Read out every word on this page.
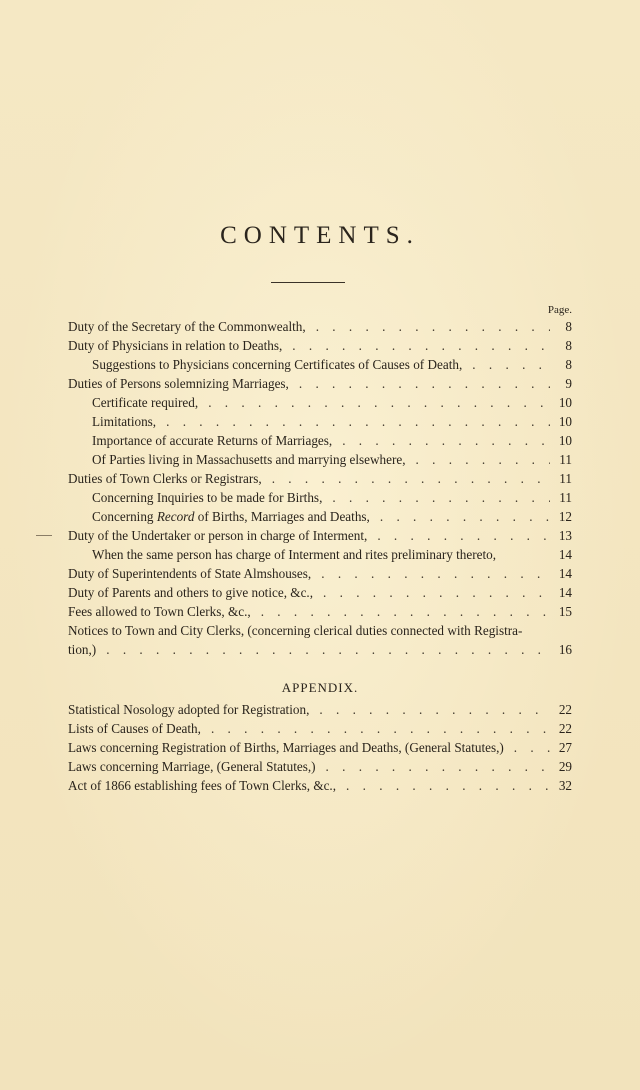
CONTENTS.
Page.
Duty of the Secretary of the Commonwealth, . . .	8
Duty of Physicians in relation to Deaths, . . .	8
Suggestions to Physicians concerning Certificates of Causes of Death, . . .	8
Duties of Persons solemnizing Marriages, . . .	9
Certificate required, . . .	10
Limitations, . . .	10
Importance of accurate Returns of Marriages, . . .	10
Of Parties living in Massachusetts and marrying elsewhere, . . .	11
Duties of Town Clerks or Registrars, . . .	11
Concerning Inquiries to be made for Births, . . .	11
Concerning Record of Births, Marriages and Deaths, . . .	12
Duty of the Undertaker or person in charge of Interment, . . .	13
When the same person has charge of Interment and rites preliminary thereto,	14
Duty of Superintendents of State Almshouses, . . .	14
Duty of Parents and others to give notice, &c., . . .	14
Fees allowed to Town Clerks, &c., . . .	15
Notices to Town and City Clerks, (concerning clerical duties connected with Registra-
tion,) . . .	16
APPENDIX.
Statistical Nosology adopted for Registration, . . .	22
Lists of Causes of Death, . . .	22
Laws concerning Registration of Births, Marriages and Deaths, (General Statutes,) . . .	27
Laws concerning Marriage, (General Statutes,) . . .	29
Act of 1866 establishing fees of Town Clerks, &c., . . .	32
